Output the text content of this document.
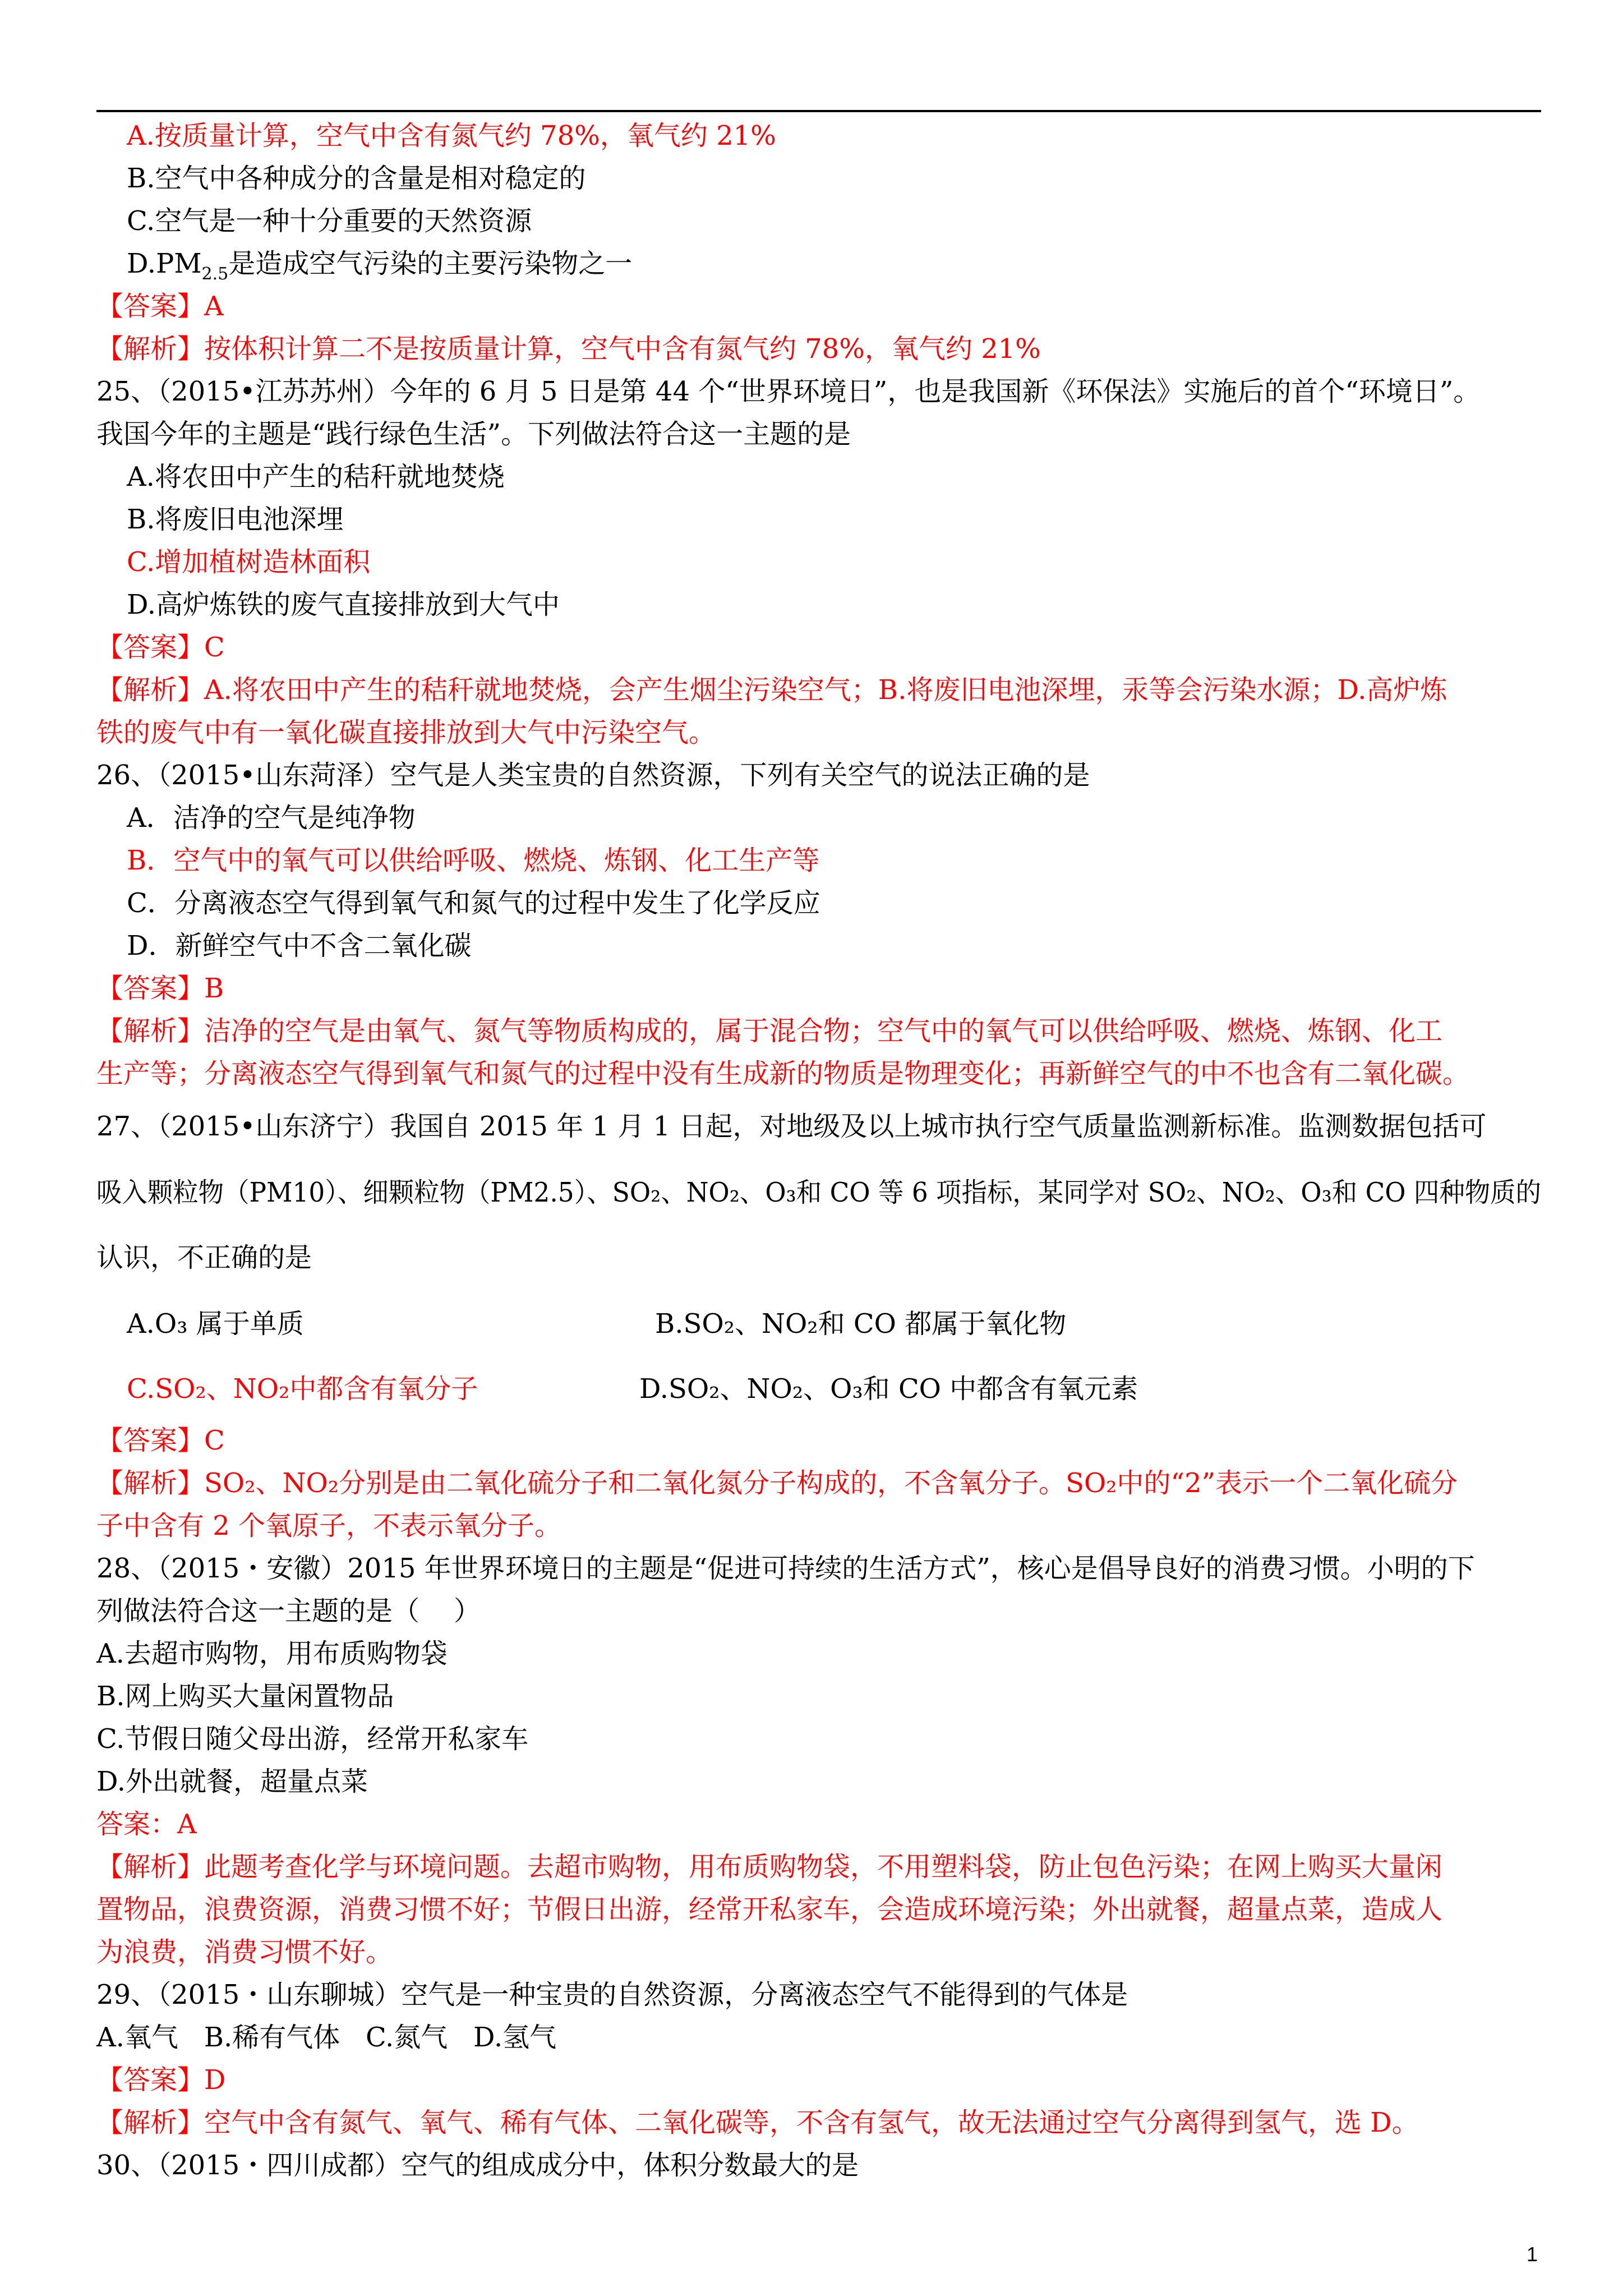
A.按质量计算，空气中含有氮气约 78%，氧气约 21%
B.空气中各种成分的含量是相对稳定的
C.空气是一种十分重要的天然资源
$D.PM_{2.5}$是造成空气污染的主要污染物之一
【答案】A
【解析】按体积计算二不是按质量计算，空气中含有氮气约 78%，氧气约 21%
25、（2015•江苏苏州）今年的 6 月 5 日是第 44 个“世界环境日”，也是我国新《环保法》实施后的首个“环境日”。
我国今年的主题是“践行绿色生活”。下列做法符合这一主题的是
A.将农田中产生的秸秆就地焚烧
B.将废旧电池深埋
C.增加植树造林面积
D.高炉炼铁的废气直接排放到大气中
【答案】C
【解析】A.将农田中产生的秸秆就地焚烧，会产生烟尘污染空气；B.将废旧电池深埋，汞等会污染水源；D.高炉炼
铁的废气中有一氧化碳直接排放到大气中污染空气。
26、（2015•山东菏泽）空气是人类宝贵的自然资源，下列有关空气的说法正确的是
A．洁净的空气是纯净物
B．空气中的氧气可以供给呼吸、燃烧、炼钢、化工生产等
C．分离液态空气得到氧气和氮气的过程中发生了化学反应
D．新鲜空气中不含二氧化碳
【答案】B
【解析】洁净的空气是由氧气、氮气等物质构成的，属于混合物；空气中的氧气可以供给呼吸、燃烧、炼钢、化工
生产等；分离液态空气得到氧气和氮气的过程中没有生成新的物质是物理变化；再新鲜空气的中不也含有二氧化碳。
27、（2015•山东济宁）我国自 2015 年 1 月 1 日起，对地级及以上城市执行空气质量监测新标准。监测数据包括可
吸入颗粒物（PM10）、细颗粒物（PM2.5）、SO₂、NO₂、O₃和 CO 等 6 项指标，某同学对 SO₂、NO₂、O₃和 CO 四种物质的
认识，不正确的是
A.O₃ 属于单质	B.SO₂、NO₂和 CO 都属于氧化物
C.SO₂、NO₂中都含有氧分子	D.SO₂、NO₂、O₃和 CO 中都含有氧元素
【答案】C
【解析】SO₂、NO₂分别是由二氧化硫分子和二氧化氮分子构成的，不含氧分子。SO₂中的“2”表示一个二氧化硫分
子中含有 2 个氧原子，不表示氧分子。
28、（2015・安徽）2015 年世界环境日的主题是“促进可持续的生活方式”，核心是倡导良好的消费习惯。小明的下
列做法符合这一主题的是（    ）
A.去超市购物，用布质购物袋
B.网上购买大量闲置物品
C.节假日随父母出游，经常开私家车
D.外出就餐，超量点菜
答案：A
【解析】此题考查化学与环境问题。去超市购物，用布质购物袋，不用塑料袋，防止包色污染；在网上购买大量闲
置物品，浪费资源，消费习惯不好；节假日出游，经常开私家车，会造成环境污染；外出就餐，超量点菜，造成人
为浪费，消费习惯不好。
29、（2015・山东聊城）空气是一种宝贵的自然资源，分离液态空气不能得到的气体是
A.氧气   B.稀有气体   C.氮气   D.氢气
【答案】D
【解析】空气中含有氮气、氧气、稀有气体、二氧化碳等，不含有氢气，故无法通过空气分离得到氢气，选 D。
30、（2015・四川成都）空气的组成成分中，体积分数最大的是
1
